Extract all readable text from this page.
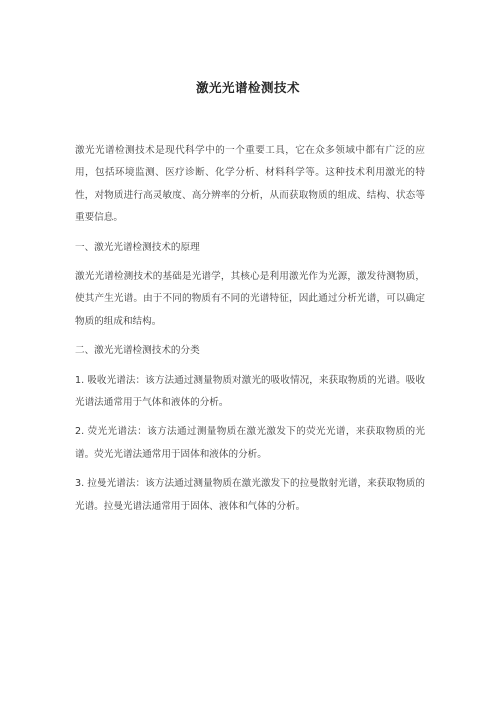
激光光谱检测技术

激光光谱检测技术是现代科学中的一个重要工具，它在众多领域中都有广泛的应用，包括环境监测、医疗诊断、化学分析、材料科学等。这种技术利用激光的特性，对物质进行高灵敏度、高分辨率的分析，从而获取物质的组成、结构、状态等重要信息。

一、激光光谱检测技术的原理

激光光谱检测技术的基础是光谱学，其核心是利用激光作为光源，激发待测物质，使其产生光谱。由于不同的物质有不同的光谱特征，因此通过分析光谱，可以确定物质的组成和结构。

二、激光光谱检测技术的分类

1. 吸收光谱法：该方法通过测量物质对激光的吸收情况，来获取物质的光谱。吸收光谱法通常用于气体和液体的分析。

2. 荧光光谱法：该方法通过测量物质在激光激发下的荧光光谱，来获取物质的光谱。荧光光谱法通常用于固体和液体的分析。

3. 拉曼光谱法：该方法通过测量物质在激光激发下的拉曼散射光谱，来获取物质的光谱。拉曼光谱法通常用于固体、液体和气体的分析。
